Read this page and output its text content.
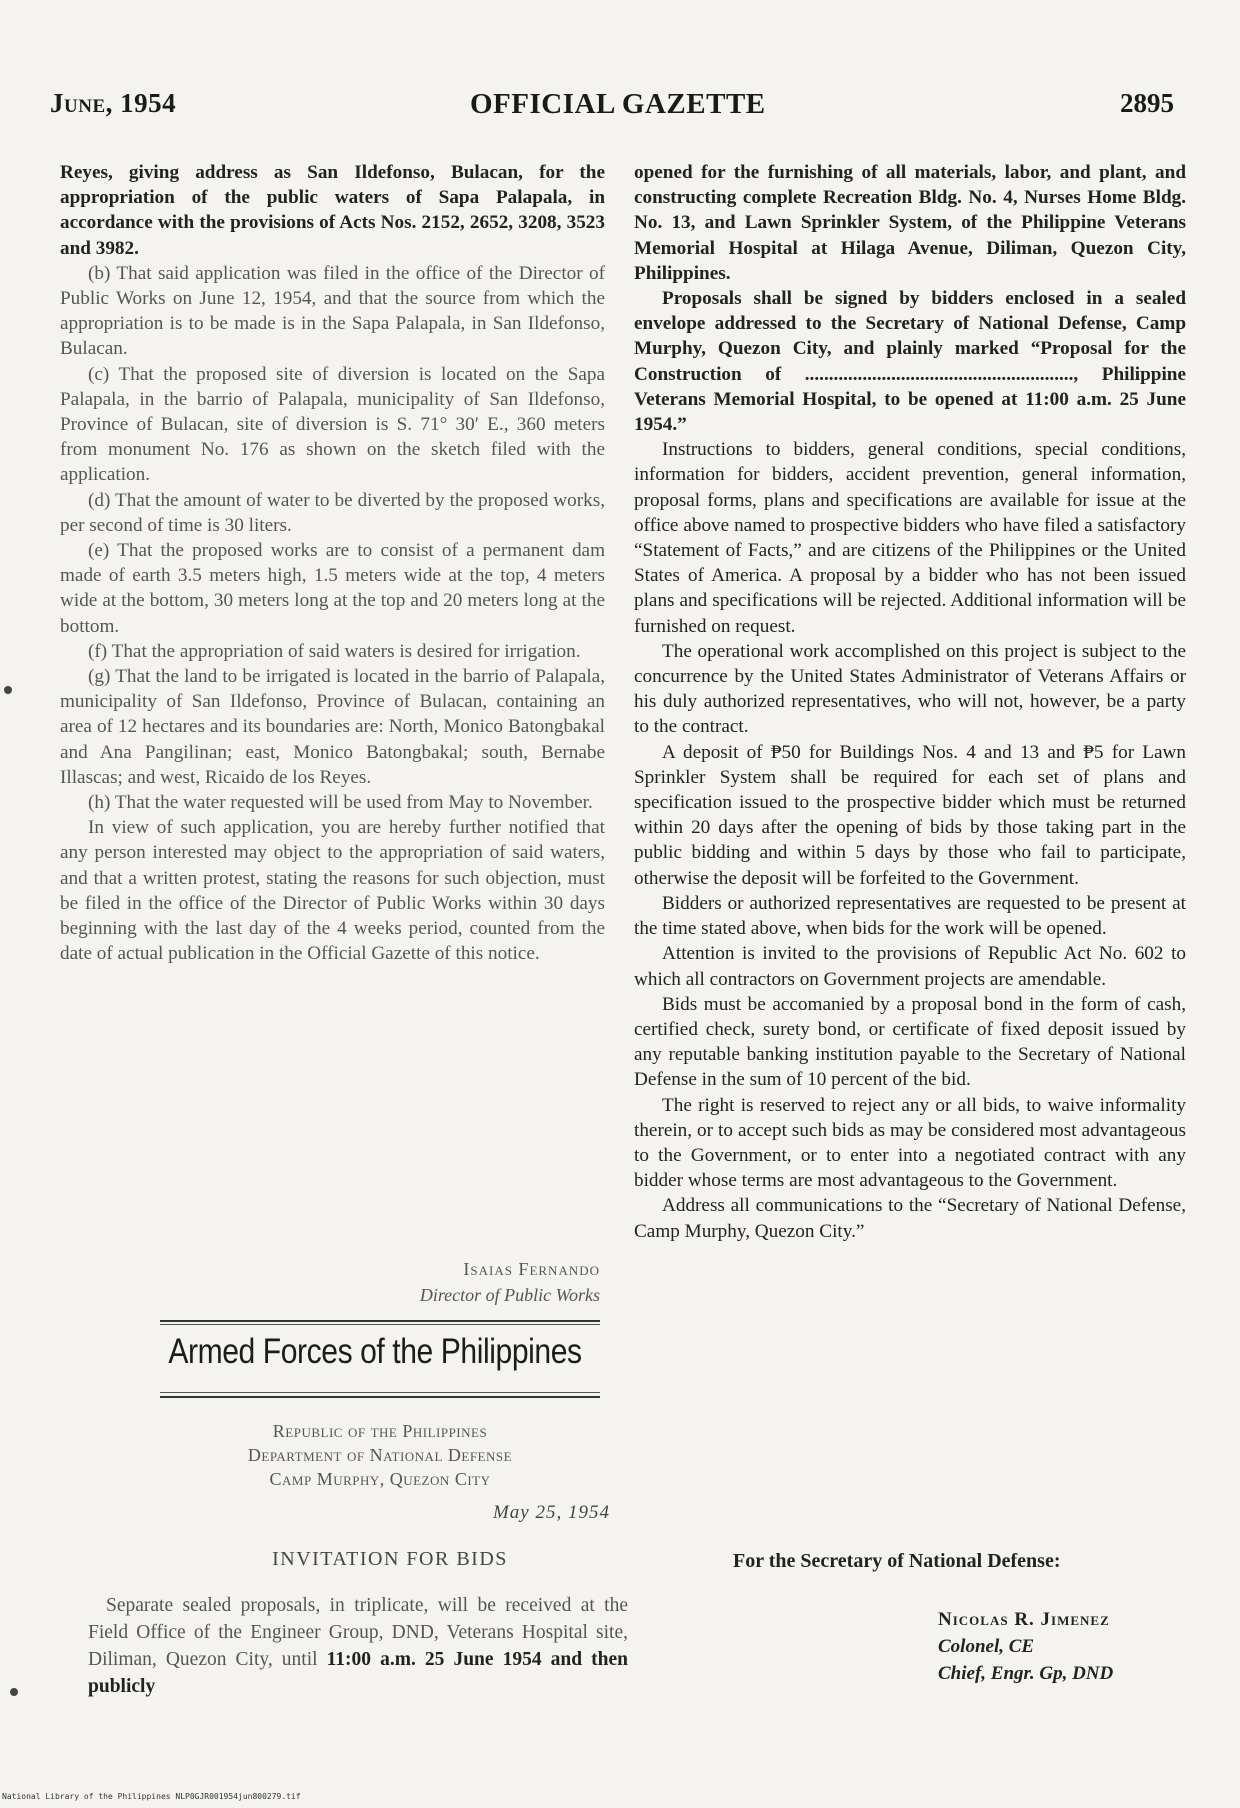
June, 1954	OFFICIAL GAZETTE	2895

Reyes, giving address as San Ildefonso, Bulacan, for the appropriation of the public waters of Sapa Palapala, in accordance with the provisions of Acts Nos. 2152, 2652, 3208, 3523 and 3982.

(b) That said application was filed in the office of the Director of Public Works on June 12, 1954, and that the source from which the appropriation is to be made is in the Sapa Palapala, in San Ildefonso, Bulacan.

(c) That the proposed site of diversion is located on the Sapa Palapala, in the barrio of Palapala, municipality of San Ildefonso, Province of Bulacan, site of diversion is S. 71° 30′ E., 360 meters from monument No. 176 as shown on the sketch filed with the application.

(d) That the amount of water to be diverted by the proposed works, per second of time is 30 liters.

(e) That the proposed works are to consist of a permanent dam made of earth 3.5 meters high, 1.5 meters wide at the top, 4 meters wide at the bottom, 30 meters long at the top and 20 meters long at the bottom.

(f) That the appropriation of said waters is desired for irrigation.

(g) That the land to be irrigated is located in the barrio of Palapala, municipality of San Ildefonso, Province of Bulacan, containing an area of 12 hectares and its boundaries are: North, Monico Batongbakal and Ana Pangilinan; east, Monico Batongbakal; south, Bernabe Illascas; and west, Ricaido de los Reyes.

(h) That the water requested will be used from May to November.

In view of such application, you are hereby further notified that any person interested may object to the appropriation of said waters, and that a written protest, stating the reasons for such objection, must be filed in the office of the Director of Public Works within 30 days beginning with the last day of the 4 weeks period, counted from the date of actual publication in the Official Gazette of this notice.

Isaias Fernando
Director of Public Works
Armed Forces of the Philippines
Republic of the Philippines
Department of National Defense
Camp Murphy, Quezon City
May 25, 1954
INVITATION FOR BIDS

Separate sealed proposals, in triplicate, will be received at the Field Office of the Engineer Group, DND, Veterans Hospital site, Diliman, Quezon City, until 11:00 a.m. 25 June 1954 and then publicly

opened for the furnishing of all materials, labor, and plant, and constructing complete Recreation Bldg. No. 4, Nurses Home Bldg. No. 13, and Lawn Sprinkler System, of the Philippine Veterans Memorial Hospital at Hilaga Avenue, Diliman, Quezon City, Philippines.

Proposals shall be signed by bidders enclosed in a sealed envelope addressed to the Secretary of National Defense, Camp Murphy, Quezon City, and plainly marked “Proposal for the Construction of ........................................................, Philippine Veterans Memorial Hospital, to be opened at 11:00 a.m. 25 June 1954.”

Instructions to bidders, general conditions, special conditions, information for bidders, accident prevention, general information, proposal forms, plans and specifications are available for issue at the office above named to prospective bidders who have filed a satisfactory “Statement of Facts,” and are citizens of the Philippines or the United States of America. A proposal by a bidder who has not been issued plans and specifications will be rejected. Additional information will be furnished on request.

The operational work accomplished on this project is subject to the concurrence by the United States Administrator of Veterans Affairs or his duly authorized representatives, who will not, however, be a party to the contract.

A deposit of ₱50 for Buildings Nos. 4 and 13 and ₱5 for Lawn Sprinkler System shall be required for each set of plans and specification issued to the prospective bidder which must be returned within 20 days after the opening of bids by those taking part in the public bidding and within 5 days by those who fail to participate, otherwise the deposit will be forfeited to the Government.

Bidders or authorized representatives are requested to be present at the time stated above, when bids for the work will be opened.

Attention is invited to the provisions of Republic Act No. 602 to which all contractors on Government projects are amendable.

Bids must be accomanied by a proposal bond in the form of cash, certified check, surety bond, or certificate of fixed deposit issued by any reputable banking institution payable to the Secretary of National Defense in the sum of 10 percent of the bid.

The right is reserved to reject any or all bids, to waive informality therein, or to accept such bids as may be considered most advantageous to the Government, or to enter into a negotiated contract with any bidder whose terms are most advantageous to the Government.

Address all communications to the “Secretary of National Defense, Camp Murphy, Quezon City.”

For the Secretary of National Defense:
Nicolas R. Jimenez
Colonel, CE
Chief, Engr. Gp, DND
National Library of the Philippines NLP0GJR001954jun800279.tif
